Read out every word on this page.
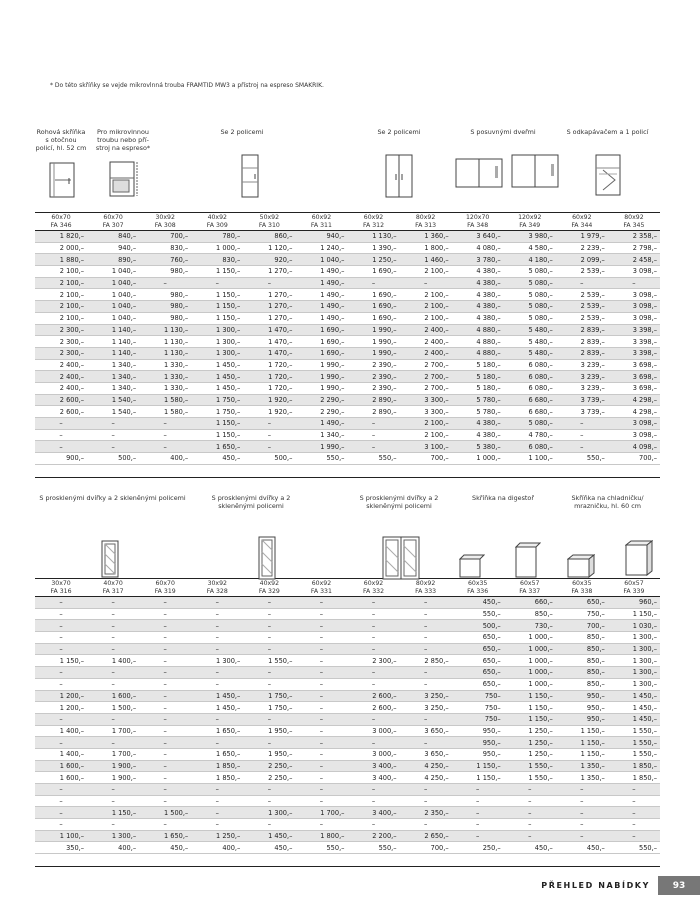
* Do této skříňky se vejde mikrovlnná trouba FRAMTID MW3 a přístroj na espreso SMAKRIK.
Rohová skříňka s otočnou policí, hl. 52 cm
Pro mikrovlnnou troubu nebo pří-stroj na espreso*
Se 2 policemi	Se 2 policemi	S posuvnými dveřmi	S odkapávačem a 1 policí
60x70	60x70	30x92	40x92	50x92	60x92	60x92	80x92	120x70	120x92	60x92	80x92
FA 346	FA 307	FA 308	FA 309	FA 310	FA 311	FA 312	FA 313	FA 348	FA 349	FA 344	FA 345
1 820,–	840,–	700,–	780,–	860,–	940,–	1 130,–	1 360,–	3 640,–	3 980,–	1 979,–	2 358,–
2 000,–	940,–	830,–	1 000,–	1 120,–	1 240,–	1 390,–	1 800,–	4 080,–	4 580,–	2 239,–	2 798,–
1 880,–	890,–	760,–	830,–	920,–	1 040,–	1 250,–	1 460,–	3 780,–	4 180,–	2 099,–	2 458,–
2 100,–	1 040,–	980,–	1 150,–	1 270,–	1 490,–	1 690,–	2 100,–	4 380,–	5 080,–	2 539,–	3 098,–
2 100,–	1 040,–	–	–	–	1 490,–	–	–	4 380,–	5 080,–	–	–
2 100,–	1 040,–	980,–	1 150,–	1 270,–	1 490,–	1 690,–	2 100,–	4 380,–	5 080,–	2 539,–	3 098,–
2 100,–	1 040,–	980,–	1 150,–	1 270,–	1 490,–	1 690,–	2 100,–	4 380,–	5 080,–	2 539,–	3 098,–
2 100,–	1 040,–	980,–	1 150,–	1 270,–	1 490,–	1 690,–	2 100,–	4 380,–	5 080,–	2 539,–	3 098,–
2 300,–	1 140,–	1 130,–	1 300,–	1 470,–	1 690,–	1 990,–	2 400,–	4 880,–	5 480,–	2 839,–	3 398,–
2 300,–	1 140,–	1 130,–	1 300,–	1 470,–	1 690,–	1 990,–	2 400,–	4 880,–	5 480,–	2 839,–	3 398,–
2 300,–	1 140,–	1 130,–	1 300,–	1 470,–	1 690,–	1 990,–	2 400,–	4 880,–	5 480,–	2 839,–	3 398,–
2 400,–	1 340,–	1 330,–	1 450,–	1 720,–	1 990,–	2 390,–	2 700,–	5 180,–	6 080,–	3 239,–	3 698,–
2 400,–	1 340,–	1 330,–	1 450,–	1 720,–	1 990,–	2 390,–	2 700,–	5 180,–	6 080,–	3 239,–	3 698,–
2 400,–	1 340,–	1 330,–	1 450,–	1 720,–	1 990,–	2 390,–	2 700,–	5 180,–	6 080,–	3 239,–	3 698,–
2 600,–	1 540,–	1 580,–	1 750,–	1 920,–	2 290,–	2 890,–	3 300,–	5 780,–	6 680,–	3 739,–	4 298,–
2 600,–	1 540,–	1 580,–	1 750,–	1 920,–	2 290,–	2 890,–	3 300,–	5 780,–	6 680,–	3 739,–	4 298,–
–	–	–	1 150,–	–	1 490,–	–	2 100,–	4 380,–	5 080,–	–	3 098,–
–	–	–	1 150,–	–	1 340,–	–	2 100,–	4 380,–	4 780,–	–	3 098,–
–	–	–	1 650,–	–	1 990,–	–	3 100,–	5 380,–	6 080,–	–	4 098,–
900,–	500,–	400,–	450,–	500,–	550,–	550,–	700,–	1 000,–	1 100,–	550,–	700,–

S prosklenými dvířky a 2 skleněnými policemi	S prosklenými dvířky a 2 skleněnými policemi
S prosklenými dvířky a 2 skleněnými policemi
Skříňka na digestoř	Skříňka na chladničku/ mrazničku, hl. 60 cm
30x70	40x70	60x70	30x92	40x92	60x92	60x92	80x92	60x35	60x57	60x35	60x57
FA 316	FA 317	FA 319	FA 328	FA 329	FA 331	FA 332	FA 333	FA 336	FA 337	FA 338	FA 339
–	–	–	–	–	–	–	–	450,–	660,–	650,–	960,–
–	–	–	–	–	–	–	–	550,–	850,–	750,–	1 150,–
–	–	–	–	–	–	–	–	500,–	730,–	700,–	1 030,–
–	–	–	–	–	–	–	–	650,–	1 000,–	850,–	1 300,–
–	–	–	–	–	–	–	–	650,–	1 000,–	850,–	1 300,–
1 150,–	1 400,–	–	1 300,–	1 550,–	–	2 300,–	2 850,–	650,–	1 000,–	850,–	1 300,–
–	–	–	–	–	–	–	–	650,–	1 000,–	850,–	1 300,–
–	–	–	–	–	–	–	–	650,–	1 000,–	850,–	1 300,–
1 200,–	1 600,–	–	1 450,–	1 750,–	–	2 600,–	3 250,–	750–	1 150,–	950,–	1 450,–
1 200,–	1 500,–	–	1 450,–	1 750,–	–	2 600,–	3 250,–	750–	1 150,–	950,–	1 450,–
–	–	–	–	–	–	–	–	750–	1 150,–	950,–	1 450,–
1 400,–	1 700,–	–	1 650,–	1 950,–	–	3 000,–	3 650,–	950,–	1 250,–	1 150,–	1 550,–
–	–	–	–	–	–	–	–	950,–	1 250,–	1 150,–	1 550,–
1 400,–	1 700,–	–	1 650,–	1 950,–	–	3 000,–	3 650,–	950,–	1 250,–	1 150,–	1 550,–
1 600,–	1 900,–	–	1 850,–	2 250,–	–	3 400,–	4 250,–	1 150,–	1 550,–	1 350,–	1 850,–
1 600,–	1 900,–	–	1 850,–	2 250,–	–	3 400,–	4 250,–	1 150,–	1 550,–	1 350,–	1 850,–
–	–	–	–	–	–	–	–	–	–	–	–
–	–	–	–	–	–	–	–	–	–	–	–
–	1 150,–	1 500,–	–	1 300,–	1 700,–	3 400,–	2 350,–	–	–	–	–
–	–	–	–	–	–	–	–	–	–	–	–
1 100,–	1 300,–	1 650,–	1 250,–	1 450,–	1 800,–	2 200,–	2 650,–	–	–	–	–
350,–	400,–	450,–	400,–	450,–	550,–	550,–	700,–	250,–	450,–	450,–	550,–

PŘEHLED NABÍDKY	93
